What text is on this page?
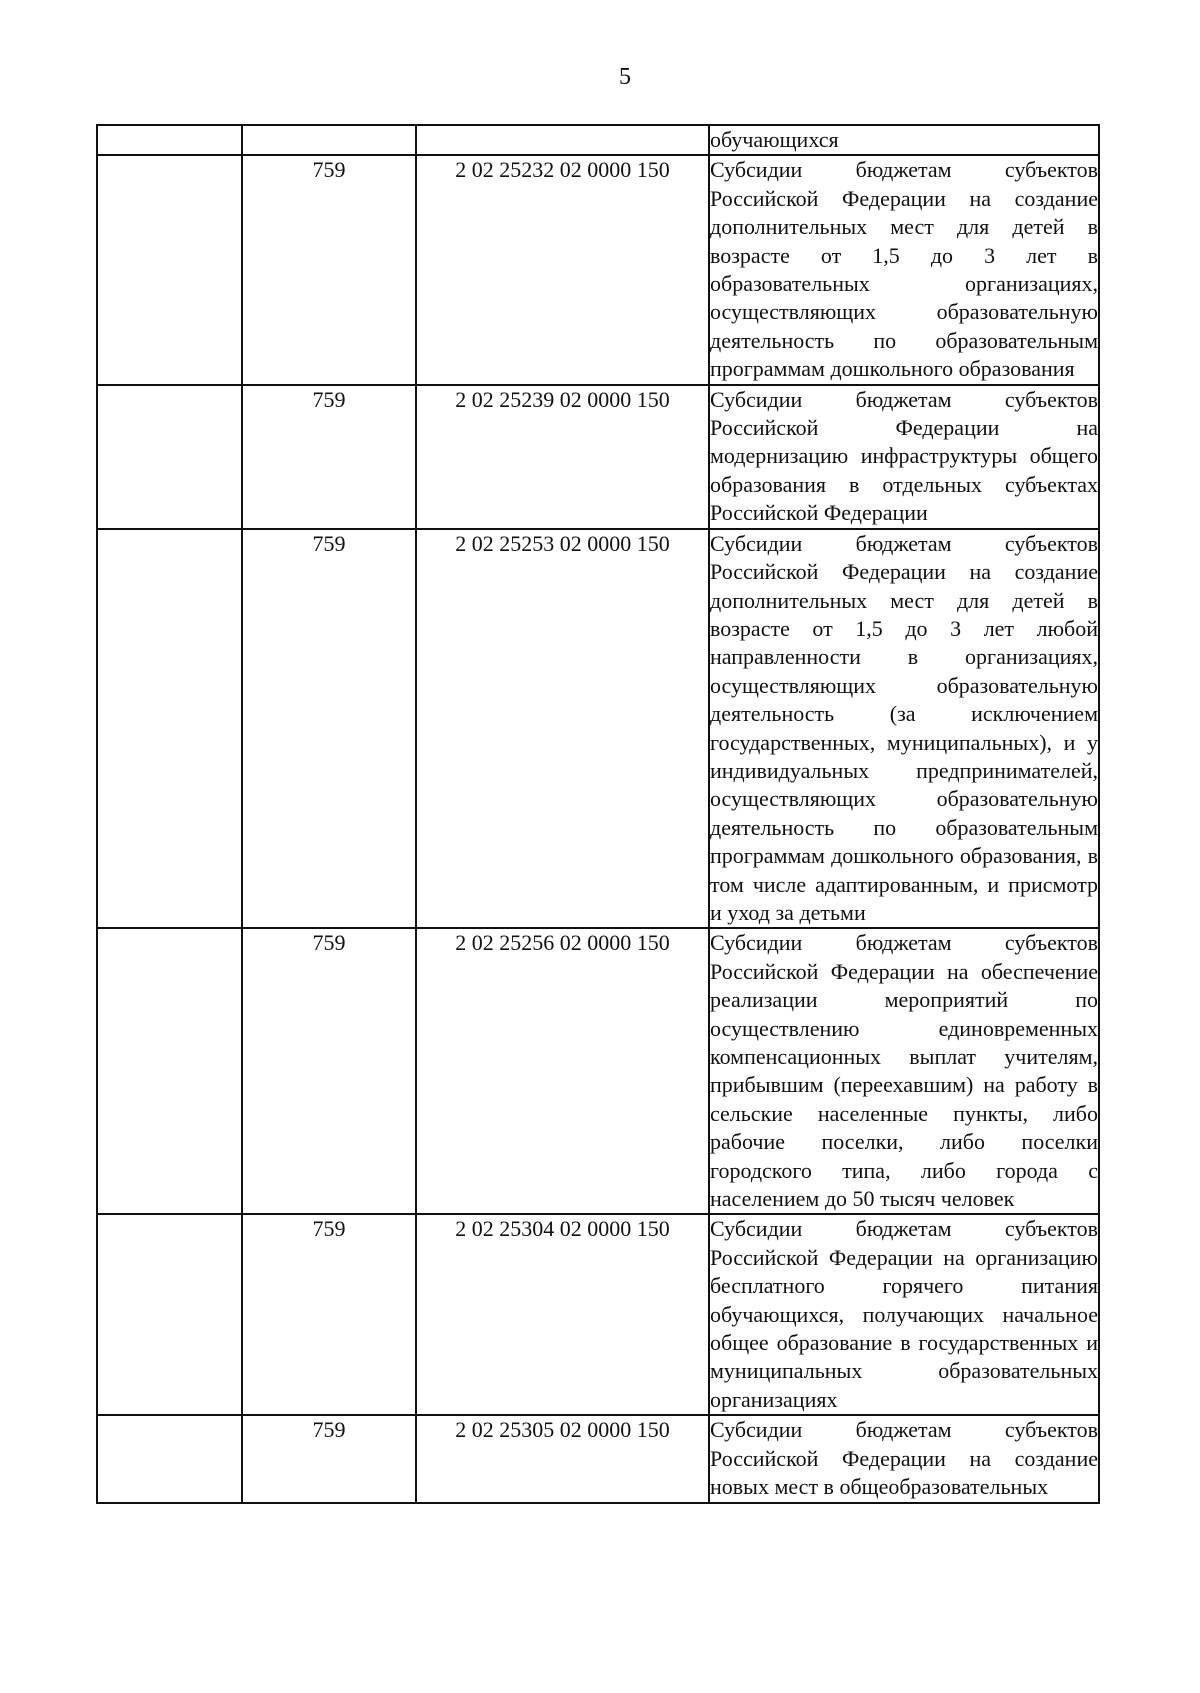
5

			обучающихся

	759	2 02 25232 02 0000 150	Субсидии бюджетам субъектов Российской Федерации на создание дополнительных мест для детей в возрасте от 1,5 до 3 лет в образовательных организациях, осуществляющих образовательную деятельность по образовательным программам дошкольного образования

	759	2 02 25239 02 0000 150	Субсидии бюджетам субъектов Российской Федерации на модернизацию инфраструктуры общего образования в отдельных субъектах Российской Федерации

	759	2 02 25253 02 0000 150	Субсидии бюджетам субъектов Российской Федерации на создание дополнительных мест для детей в возрасте от 1,5 до 3 лет любой направленности в организациях, осуществляющих образовательную деятельность (за исключением государственных, муниципальных), и у индивидуальных предпринимателей, осуществляющих образовательную деятельность по образовательным программам дошкольного образования, в том числе адаптированным, и присмотр и уход за детьми

	759	2 02 25256 02 0000 150	Субсидии бюджетам субъектов Российской Федерации на обеспечение реализации мероприятий по осуществлению единовременных компенсационных выплат учителям, прибывшим (переехавшим) на работу в сельские населенные пункты, либо рабочие поселки, либо поселки городского типа, либо города с населением до 50 тысяч человек

	759	2 02 25304 02 0000 150	Субсидии бюджетам субъектов Российской Федерации на организацию бесплатного горячего питания обучающихся, получающих начальное общее образование в государственных и муниципальных образовательных организациях

	759	2 02 25305 02 0000 150	Субсидии бюджетам субъектов Российской Федерации на создание новых мест в общеобразовательных
